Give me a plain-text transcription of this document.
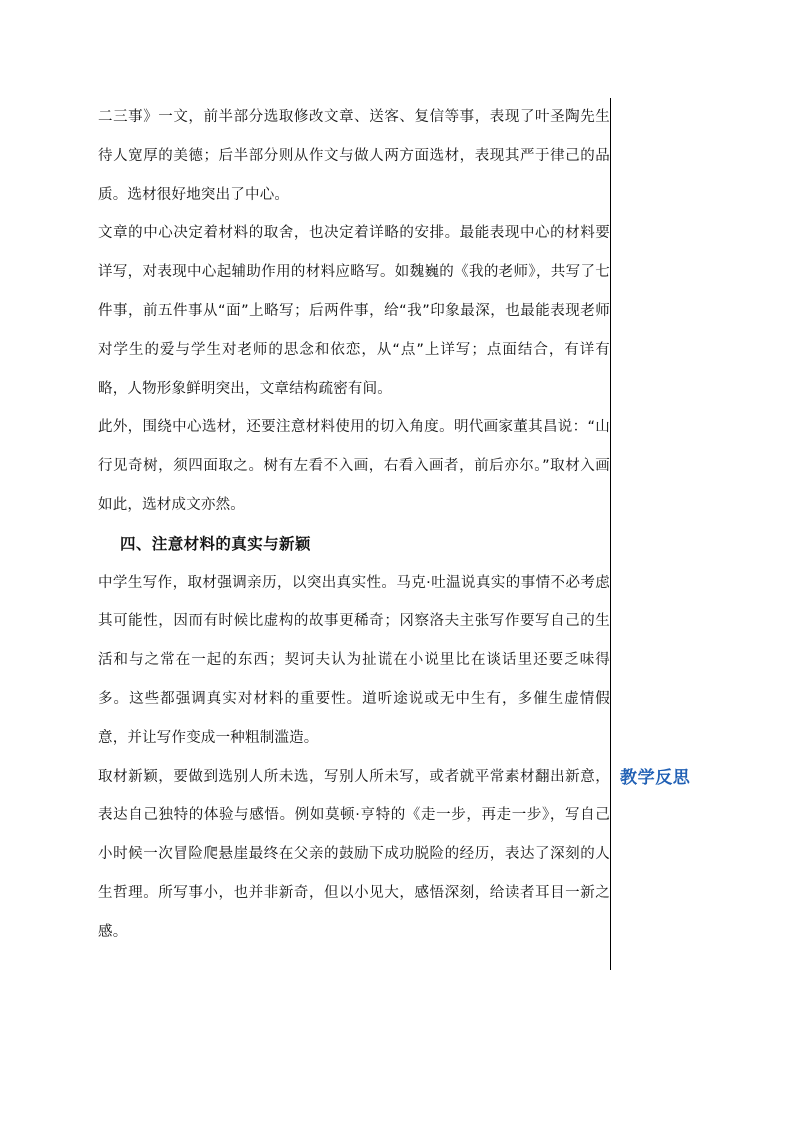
二三事》一文，前半部分选取修改文章、送客、复信等事，表现了叶圣陶先生待人宽厚的美德；后半部分则从作文与做人两方面选材，表现其严于律己的品质。选材很好地突出了中心。

文章的中心决定着材料的取舍，也决定着详略的安排。最能表现中心的材料要详写，对表现中心起辅助作用的材料应略写。如魏巍的《我的老师》，共写了七件事，前五件事从“面”上略写；后两件事，给“我”印象最深，也最能表现老师对学生的爱与学生对老师的思念和依恋，从“点”上详写；点面结合，有详有略，人物形象鲜明突出，文章结构疏密有间。

此外，围绕中心选材，还要注意材料使用的切入角度。明代画家董其昌说：“山行见奇树，须四面取之。树有左看不入画，右看入画者，前后亦尔。”取材入画如此，选材成文亦然。

四、注意材料的真实与新颖

中学生写作，取材强调亲历，以突出真实性。马克·吐温说真实的事情不必考虑其可能性，因而有时候比虚构的故事更稀奇；冈察洛夫主张写作要写自己的生活和与之常在一起的东西；契诃夫认为扯谎在小说里比在谈话里还要乏味得多。这些都强调真实对材料的重要性。道听途说或无中生有，多催生虚情假意，并让写作变成一种粗制滥造。

取材新颖，要做到选别人所未选，写别人所未写，或者就平常素材翻出新意，表达自己独特的体验与感悟。例如莫顿·亨特的《走一步，再走一步》，写自己小时候一次冒险爬悬崖最终在父亲的鼓励下成功脱险的经历，表达了深刻的人生哲理。所写事小，也并非新奇，但以小见大，感悟深刻，给读者耳目一新之感。

教学反思
